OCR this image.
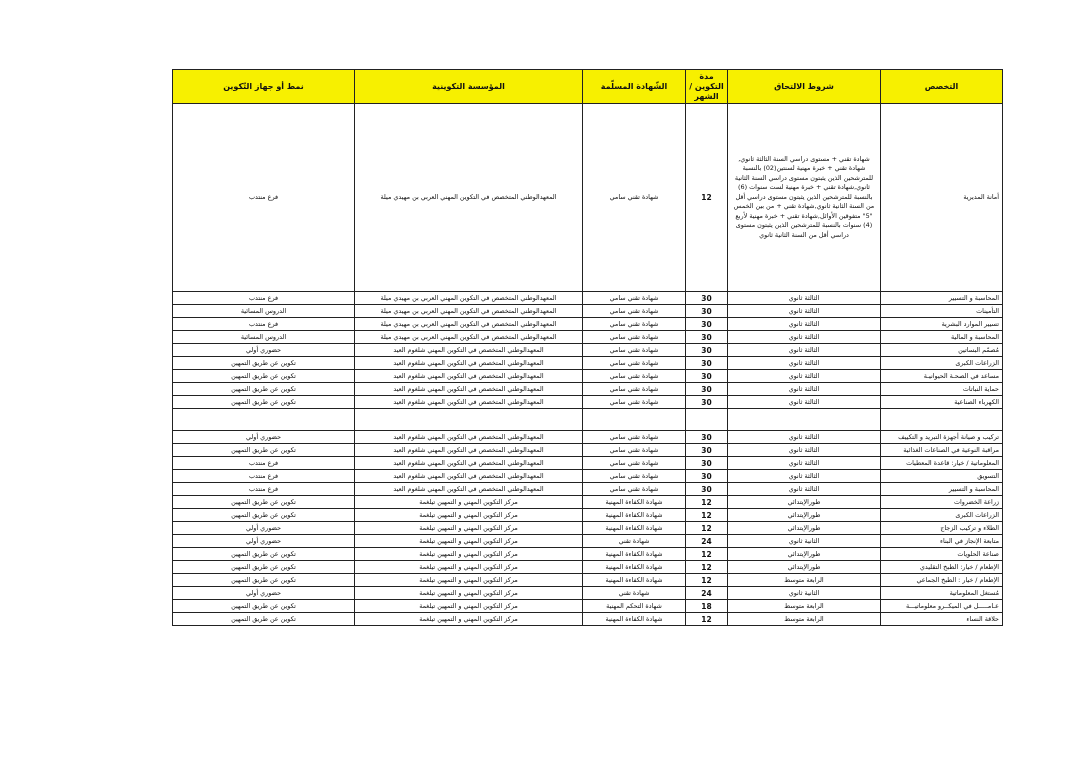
التخصص	شروط الالتحاق	مدة التكوين /الشهر	الشّهادة المسلّمة	المؤسسة التكوينية	نمط أو جهاز التّكوين
أمانة المديرية	شهادة تقني + مستوى دراسي السنة الثالثة ثانوي, شهادة تقني + خبرة مهنية لسنتين(02) بالنسبة للمترشحين الذين يثبتون مستوى دراسي السنة الثانية ثانوي,شهادة تقني + خبرة مهنية لست سنوات (6) بالنسبة للمترشحين الذين يثبتون مستوى دراسي أقل من السنة الثانية ثانوي,شهادة تقني + من بين الخمس "5" متفوقين الأوائل,شهادة تقني + خبرة مهنية لأربع (4) سنوات بالنسبة للمترشحين الذين يثبتون مستوى دراسي أقل من السنة الثانية ثانوي	12	شهادة تقني سامي	المعهدالوطني المتخصص في التكوين المهني العربي بن مهيدي ميلة	فرع منتدب
المحاسبة و التسيير	الثالثة ثانوي	30	شهادة تقني سامي	المعهدالوطني المتخصص في التكوين المهني العربي بن مهيدي ميلة	فرع منتدب
التأمينات	الثالثة ثانوي	30	شهادة تقني سامي	المعهدالوطني المتخصص في التكوين المهني العربي بن مهيدي ميلة	الدروس المسائية
تسيير الموارد البشرية	الثالثة ثانوي	30	شهادة تقني سامي	المعهدالوطني المتخصص في التكوين المهني العربي بن مهيدي ميلة	فرع منتدب
المحاسبة و المالية	الثالثة ثانوي	30	شهادة تقني سامي	المعهدالوطني المتخصص في التكوين المهني العربي بن مهيدي ميلة	الدروس المسائية
مُصمّم البساتين	الثالثة ثانوي	30	شهادة تقني سامي	المعهدالوطني المتخصص في التكوين المهني شلغوم العيد	حضوري أولي
الزراعات الكبرى	الثالثة ثانوي	30	شهادة تقني سامي	المعهدالوطني المتخصص في التكوين المهني شلغوم العيد	تكوين عن طريق التمهين
مساعد في الصحـة الحيوانيـة	الثالثة ثانوي	30	شهادة تقني سامي	المعهدالوطني المتخصص في التكوين المهني شلغوم العيد	تكوين عن طريق التمهين
حماية النباتات	الثالثة ثانوي	30	شهادة تقني سامي	المعهدالوطني المتخصص في التكوين المهني شلغوم العيد	تكوين عن طريق التمهين
الكهرباء الصناعية	الثالثة ثانوي	30	شهادة تقني سامي	المعهدالوطني المتخصص في التكوين المهني شلغوم العيد	تكوين عن طريق التمهين

تركيب و صيانة أجهزة التبريد و التكييف	الثالثة ثانوي	30	شهادة تقني سامي	المعهدالوطني المتخصص في التكوين المهني شلغوم العيد	حضوري أولي
مراقبة النوعية في الصناعات الغذائية	الثالثة ثانوي	30	شهادة تقني سامي	المعهدالوطني المتخصص في التكوين المهني شلغوم العيد	تكوين عن طريق التمهين
المعلوماتية / خيار: قاعدة المعطيات	الثالثة ثانوي	30	شهادة تقني سامي	المعهدالوطني المتخصص في التكوين المهني شلغوم العيد	فرع منتدب
التسويق	الثالثة ثانوي	30	شهادة تقني سامي	المعهدالوطني المتخصص في التكوين المهني شلغوم العيد	فرع منتدب
المحاسبة و التسيير	الثالثة ثانوي	30	شهادة تقني سامي	المعهدالوطني المتخصص في التكوين المهني شلغوم العيد	فرع منتدب
زراعة الخضروات	طورالإبتدائي	12	شهادة الكفاءة المهنية	مركز التكوين المهني و التمهين تيلغمة	تكوين عن طريق التمهين
الزراعات الكبرى	طورالإبتدائي	12	شهادة الكفاءة المهنية	مركز التكوين المهني و التمهين تيلغمة	تكوين عن طريق التمهين
الطلاء و تركيب الزجاج	طورالإبتدائي	12	شهادة الكفاءة المهنية	مركز التكوين المهني و التمهين تيلغمة	حضوري أولي
متابعة الإنجاز في البناء	الثانية ثانوي	24	شهادة تقني	مركز التكوين المهني و التمهين تيلغمة	حضوري أولي
صناعة الحلويات	طورالإبتدائي	12	شهادة الكفاءة المهنية	مركز التكوين المهني و التمهين تيلغمة	تكوين عن طريق التمهين
الإطعام / خيار: الطبخ التقليدي	طورالإبتدائي	12	شهادة الكفاءة المهنية	مركز التكوين المهني و التمهين تيلغمة	تكوين عن طريق التمهين
الإطعام / خيار : الطبخ الجماعي	الرابعة متوسط	12	شهادة الكفاءة المهنية	مركز التكوين المهني و التمهين تيلغمة	تكوين عن طريق التمهين
مُستغل المعلوماتية	الثانية ثانوي	24	شهادة تقني	مركز التكوين المهني و التمهين تيلغمة	حضوري أولي
عـامـــــل في الميكــرو معلوماتيـــة	الرابعة متوسط	18	شهادة التحكم المهنية	مركز التكوين المهني و التمهين تيلغمة	تكوين عن طريق التمهين
حلاقة النساء	الرابعة متوسط	12	شهادة الكفاءة المهنية	مركز التكوين المهني و التمهين تيلغمة	تكوين عن طريق التمهين
